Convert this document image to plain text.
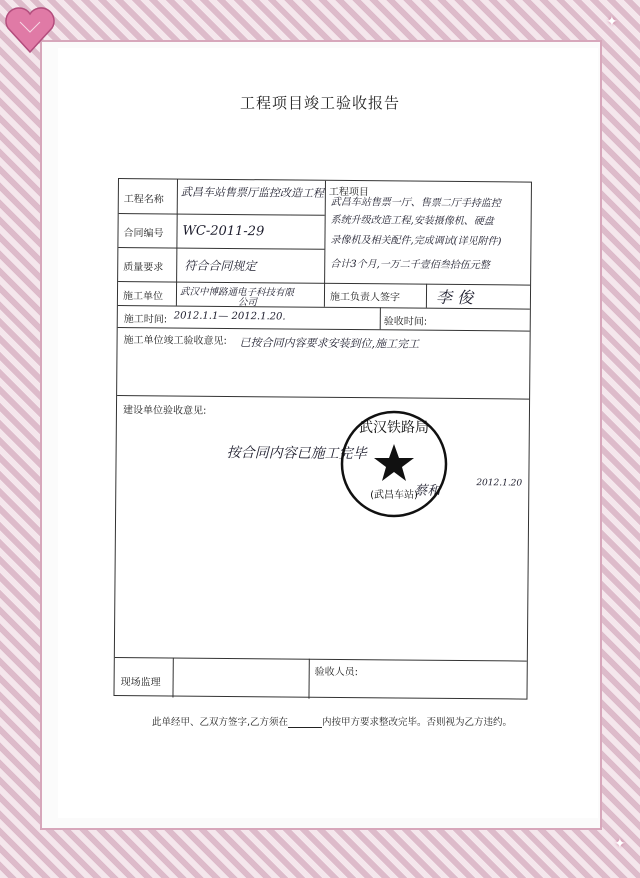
✦
✦
工程项目竣工验收报告
工程名称
合同编号
质量要求
施工单位
工程项目
施工负责人签字
施工时间:	验收时间:
施工单位竣工验收意见:
建设单位验收意见:
现场监理
验收人员:
武昌车站售票厅监控改造工程
WC-2011-29
符合合同规定
武汉中博路通电子科技有限
公司
武昌车站售票一厅、售票二厅手持监控
系统升级改造工程,安装摄像机、硬盘
录像机及相关配件,完成调试(详见附件)
合计3个月,一万二千壹佰叁拾伍元整
李 俊
2012.1.1— 2012.1.20.
已按合同内容要求安装到位,施工完工
按合同内容已施工完毕
2012.1.20
蔡和
武汉铁路局
(武昌车站)
此单经甲、乙双方签字,乙方须在	内按甲方要求整改完毕。否则视为乙方违约。
